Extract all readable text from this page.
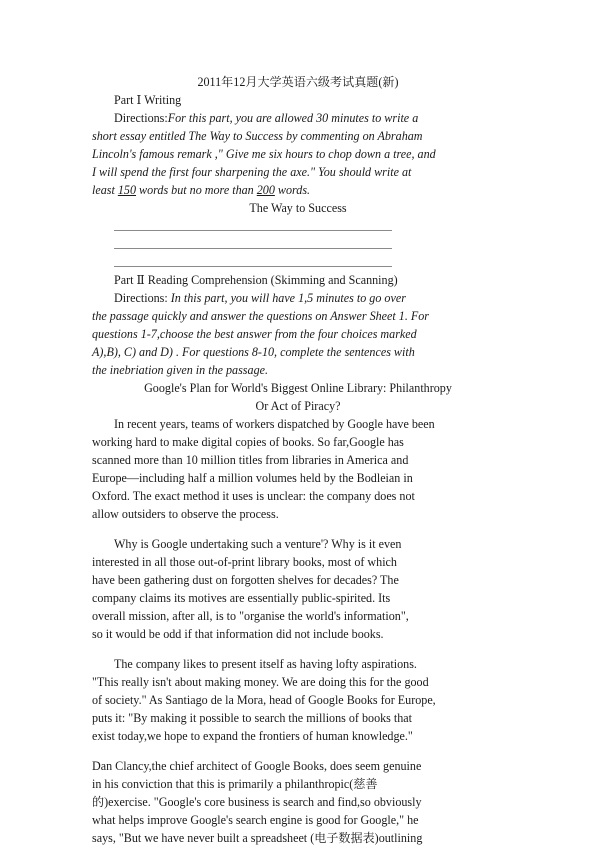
2011年12月大学英语六级考试真题(新)
Part Ⅰ Writing
Directions:For this part, you are allowed 30 minutes to write a
short essay entitled The Way to Success by commenting on Abraham
Lincoln's famous remark ," Give me six hours to chop down a tree, and
I will spend the first four sharpening the axe." You should write at
least 150 words but no more than 200 words.
The Way to Success
Part Ⅱ Reading Comprehension (Skimming and Scanning)
Directions: In this part, you will have 1,5 minutes to go over
the passage quickly and answer the questions on Answer Sheet 1. For
questions 1-7,choose the best answer from the four choices marked
A),B), C) and D) . For questions 8-10, complete the sentences with
the inebriation given in the passage.
Google's Plan for World's Biggest Online Library: Philanthropy
Or Act of Piracy?
In recent years, teams of workers dispatched by Google have been
working hard to make digital copies of books. So far,Google has
scanned more than 10 million titles from libraries in America and
Europe—including half a million volumes held by the Bodleian in
Oxford. The exact method it uses is unclear: the company does not
allow outsiders to observe the process.
Why is Google undertaking such a venture'? Why is it even
interested in all those out-of-print library books, most of which
have been gathering dust on forgotten shelves for decades? The
company claims its motives are essentially public-spirited. Its
overall mission, after all, is to "organise the world's information",
so it would be odd if that information did not include books.
The company likes to present itself as having lofty aspirations.
"This really isn't about making money. We are doing this for the good
of society." As Santiago de la Mora, head of Google Books for Europe,
puts it: "By making it possible to search the millions of books that
exist today,we hope to expand the frontiers of human knowledge."
Dan Clancy,the chief architect of Google Books, does seem genuine
in his conviction that this is primarily a philanthropic(慈善
的)exercise. "Google's core business is search and find,so obviously
what helps improve Google's search engine is good for Google," he
says, "But we have never built a spreadsheet (电子数据表)outlining
